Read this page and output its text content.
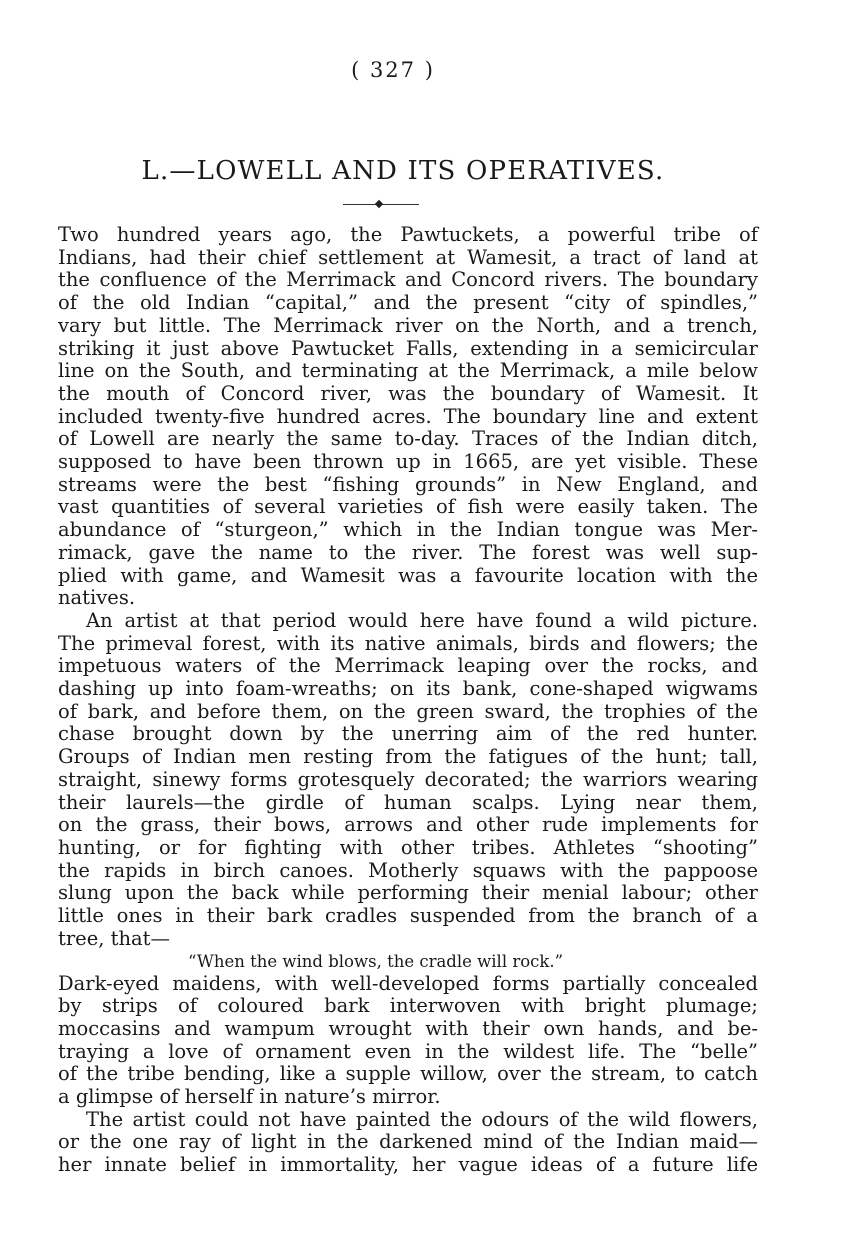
( 327 )
L.—LOWELL AND ITS OPERATIVES.
Two hundred years ago, the Pawtuckets, a powerful tribe of
Indians, had their chief settlement at Wamesit, a tract of land at
the confluence of the Merrimack and Concord rivers. The boundary
of the old Indian “capital,” and the present “city of spindles,”
vary but little. The Merrimack river on the North, and a trench,
striking it just above Pawtucket Falls, extending in a semicircular
line on the South, and terminating at the Merrimack, a mile below
the mouth of Concord river, was the boundary of Wamesit. It
included twenty-five hundred acres. The boundary line and extent
of Lowell are nearly the same to-day. Traces of the Indian ditch,
supposed to have been thrown up in 1665, are yet visible. These
streams were the best “fishing grounds” in New England, and
vast quantities of several varieties of fish were easily taken. The
abundance of “sturgeon,” which in the Indian tongue was Mer-
rimack, gave the name to the river. The forest was well sup-
plied with game, and Wamesit was a favourite location with the
natives.
An artist at that period would here have found a wild picture.
The primeval forest, with its native animals, birds and flowers; the
impetuous waters of the Merrimack leaping over the rocks, and
dashing up into foam-wreaths; on its bank, cone-shaped wigwams
of bark, and before them, on the green sward, the trophies of the
chase brought down by the unerring aim of the red hunter.
Groups of Indian men resting from the fatigues of the hunt; tall,
straight, sinewy forms grotesquely decorated; the warriors wearing
their laurels—the girdle of human scalps. Lying near them,
on the grass, their bows, arrows and other rude implements for
hunting, or for fighting with other tribes. Athletes “shooting”
the rapids in birch canoes. Motherly squaws with the pappoose
slung upon the back while performing their menial labour; other
little ones in their bark cradles suspended from the branch of a
tree, that—
“When the wind blows, the cradle will rock.”
Dark-eyed maidens, with well-developed forms partially concealed
by strips of coloured bark interwoven with bright plumage;
moccasins and wampum wrought with their own hands, and be-
traying a love of ornament even in the wildest life. The “belle”
of the tribe bending, like a supple willow, over the stream, to catch
a glimpse of herself in nature’s mirror.
The artist could not have painted the odours of the wild flowers,
or the one ray of light in the darkened mind of the Indian maid—
her innate belief in immortality, her vague ideas of a future life
